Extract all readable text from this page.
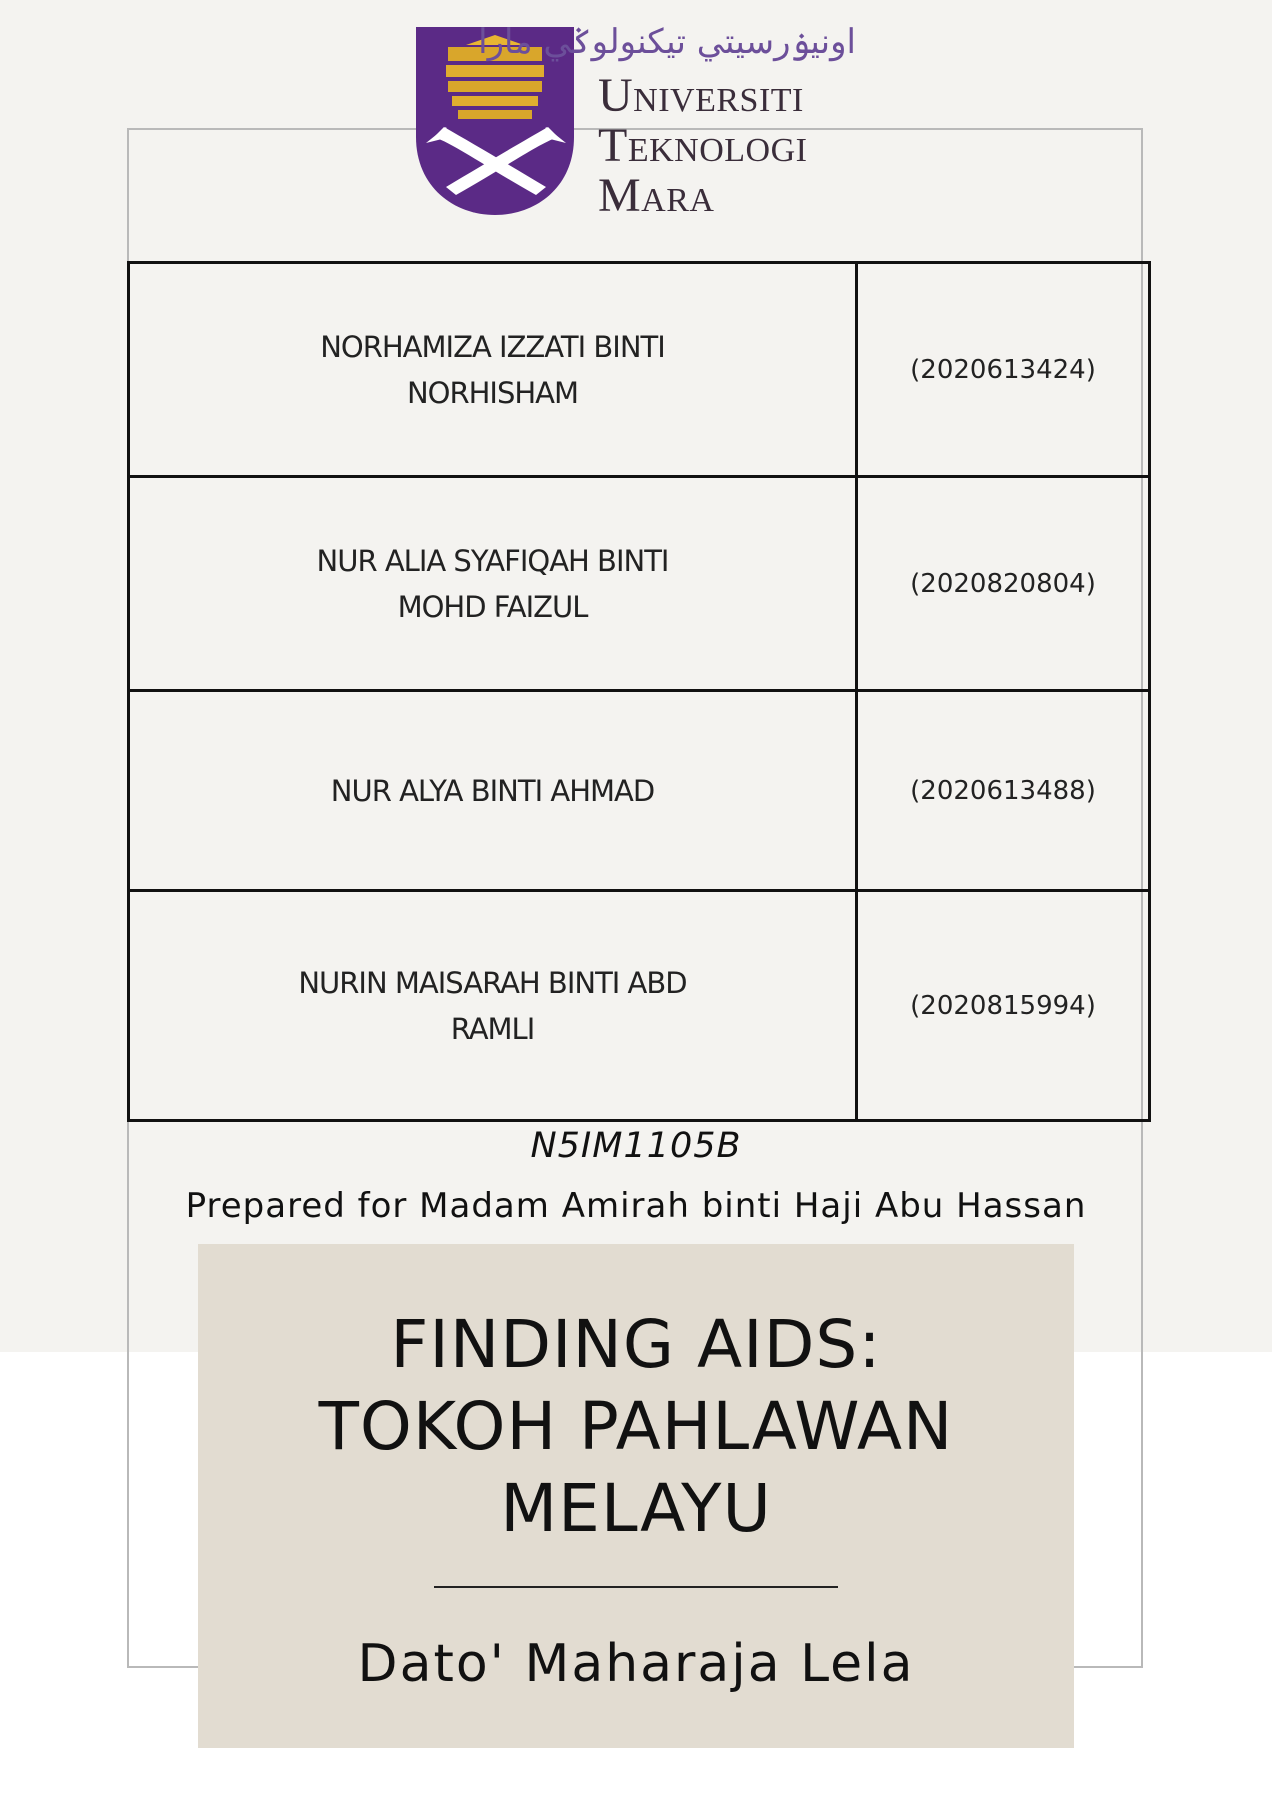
اونيۏرسيتي تيكنولوݢي مارا
Universiti
Teknologi
Mara
NORHAMIZA IZZATI BINTI NORHISHAM	(2020613424)
NUR ALIA SYAFIQAH BINTI MOHD FAIZUL	(2020820804)
NUR ALYA BINTI AHMAD	(2020613488)
NURIN MAISARAH BINTI ABD RAMLI	(2020815994)
N5IM1105B
Prepared for Madam Amirah binti Haji Abu Hassan
FINDING AIDS:
TOKOH PAHLAWAN
MELAYU
Dato' Maharaja Lela
